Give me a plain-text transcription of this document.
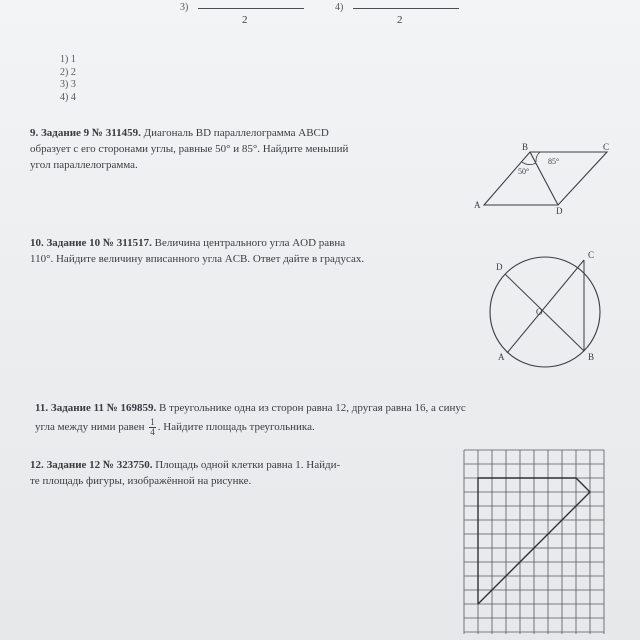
3)
2
4)
2
1) 1
2) 2
3) 3
4) 4
9. Задание 9 № 311459. Диагональ BD параллелограмма ABCD
образует с его сторонами углы, равные 50° и 85°. Найдите меньший
угол параллелограмма.
B	C
A
D
85°
50°
10. Задание 10 № 311517. Величина центрального угла AOD равна
110°. Найдите величину вписанного угла ACB. Ответ дайте в градусах.
D
C
O
A	B
11. Задание 11 № 169859. В треугольнике одна из сторон равна 12, другая равна 16, а синус
угла между ними равен $\frac{1}{4}$ . Найдите площадь треугольника.
12. Задание 12 № 323750. Площадь одной клетки равна 1. Найди-
те площадь фигуры, изображённой на рисунке.
